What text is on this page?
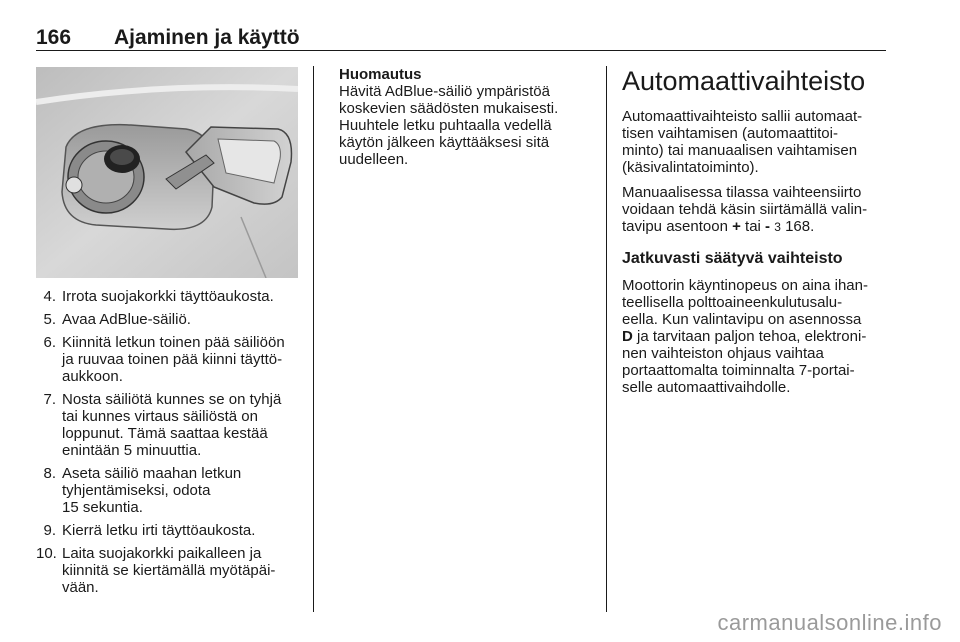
166 Ajaminen ja käyttö
4. Irrota suojakorkki täyttöaukosta.
5. Avaa AdBlue-säiliö.
6. Kiinnitä letkun toinen pää säiliöön
ja ruuvaa toinen pää kiinni täyttö-
aukkoon.
7. Nosta säiliötä kunnes se on tyhjä
tai kunnes virtaus säiliöstä on
loppunut. Tämä saattaa kestää
enintään 5 minuuttia.
8. Aseta säiliö maahan letkun
tyhjentämiseksi, odota
15 sekuntia.
9. Kierrä letku irti täyttöaukosta.
10. Laita suojakorkki paikalleen ja
kiinnitä se kiertämällä myötäpäi-
vään.
Huomautus
Hävitä AdBlue-säiliö ympäristöä
koskevien säädösten mukaisesti.
Huuhtele letku puhtaalla vedellä
käytön jälkeen käyttääksesi sitä
uudelleen.
Automaattivaihteisto

Automaattivaihteisto sallii automaat-
tisen vaihtamisen (automaattitoi-
minto) tai manuaalisen vaihtamisen
(käsivalintatoiminto).

Manuaalisessa tilassa vaihteensiirto
voidaan tehdä käsin siirtämällä valin-
tavipu asentoon + tai - 3 168.

Jatkuvasti säätyvä vaihteisto

Moottorin käyntinopeus on aina ihan-
teellisella polttoaineenkulutusalu-
eella. Kun valintavipu on asennossa
D ja tarvitaan paljon tehoa, elektroni-
nen vaihteiston ohjaus vaihtaa
portaattomalta toiminnalta 7-portai-
selle automaattivaihdolle.

carmanualsonline.info
